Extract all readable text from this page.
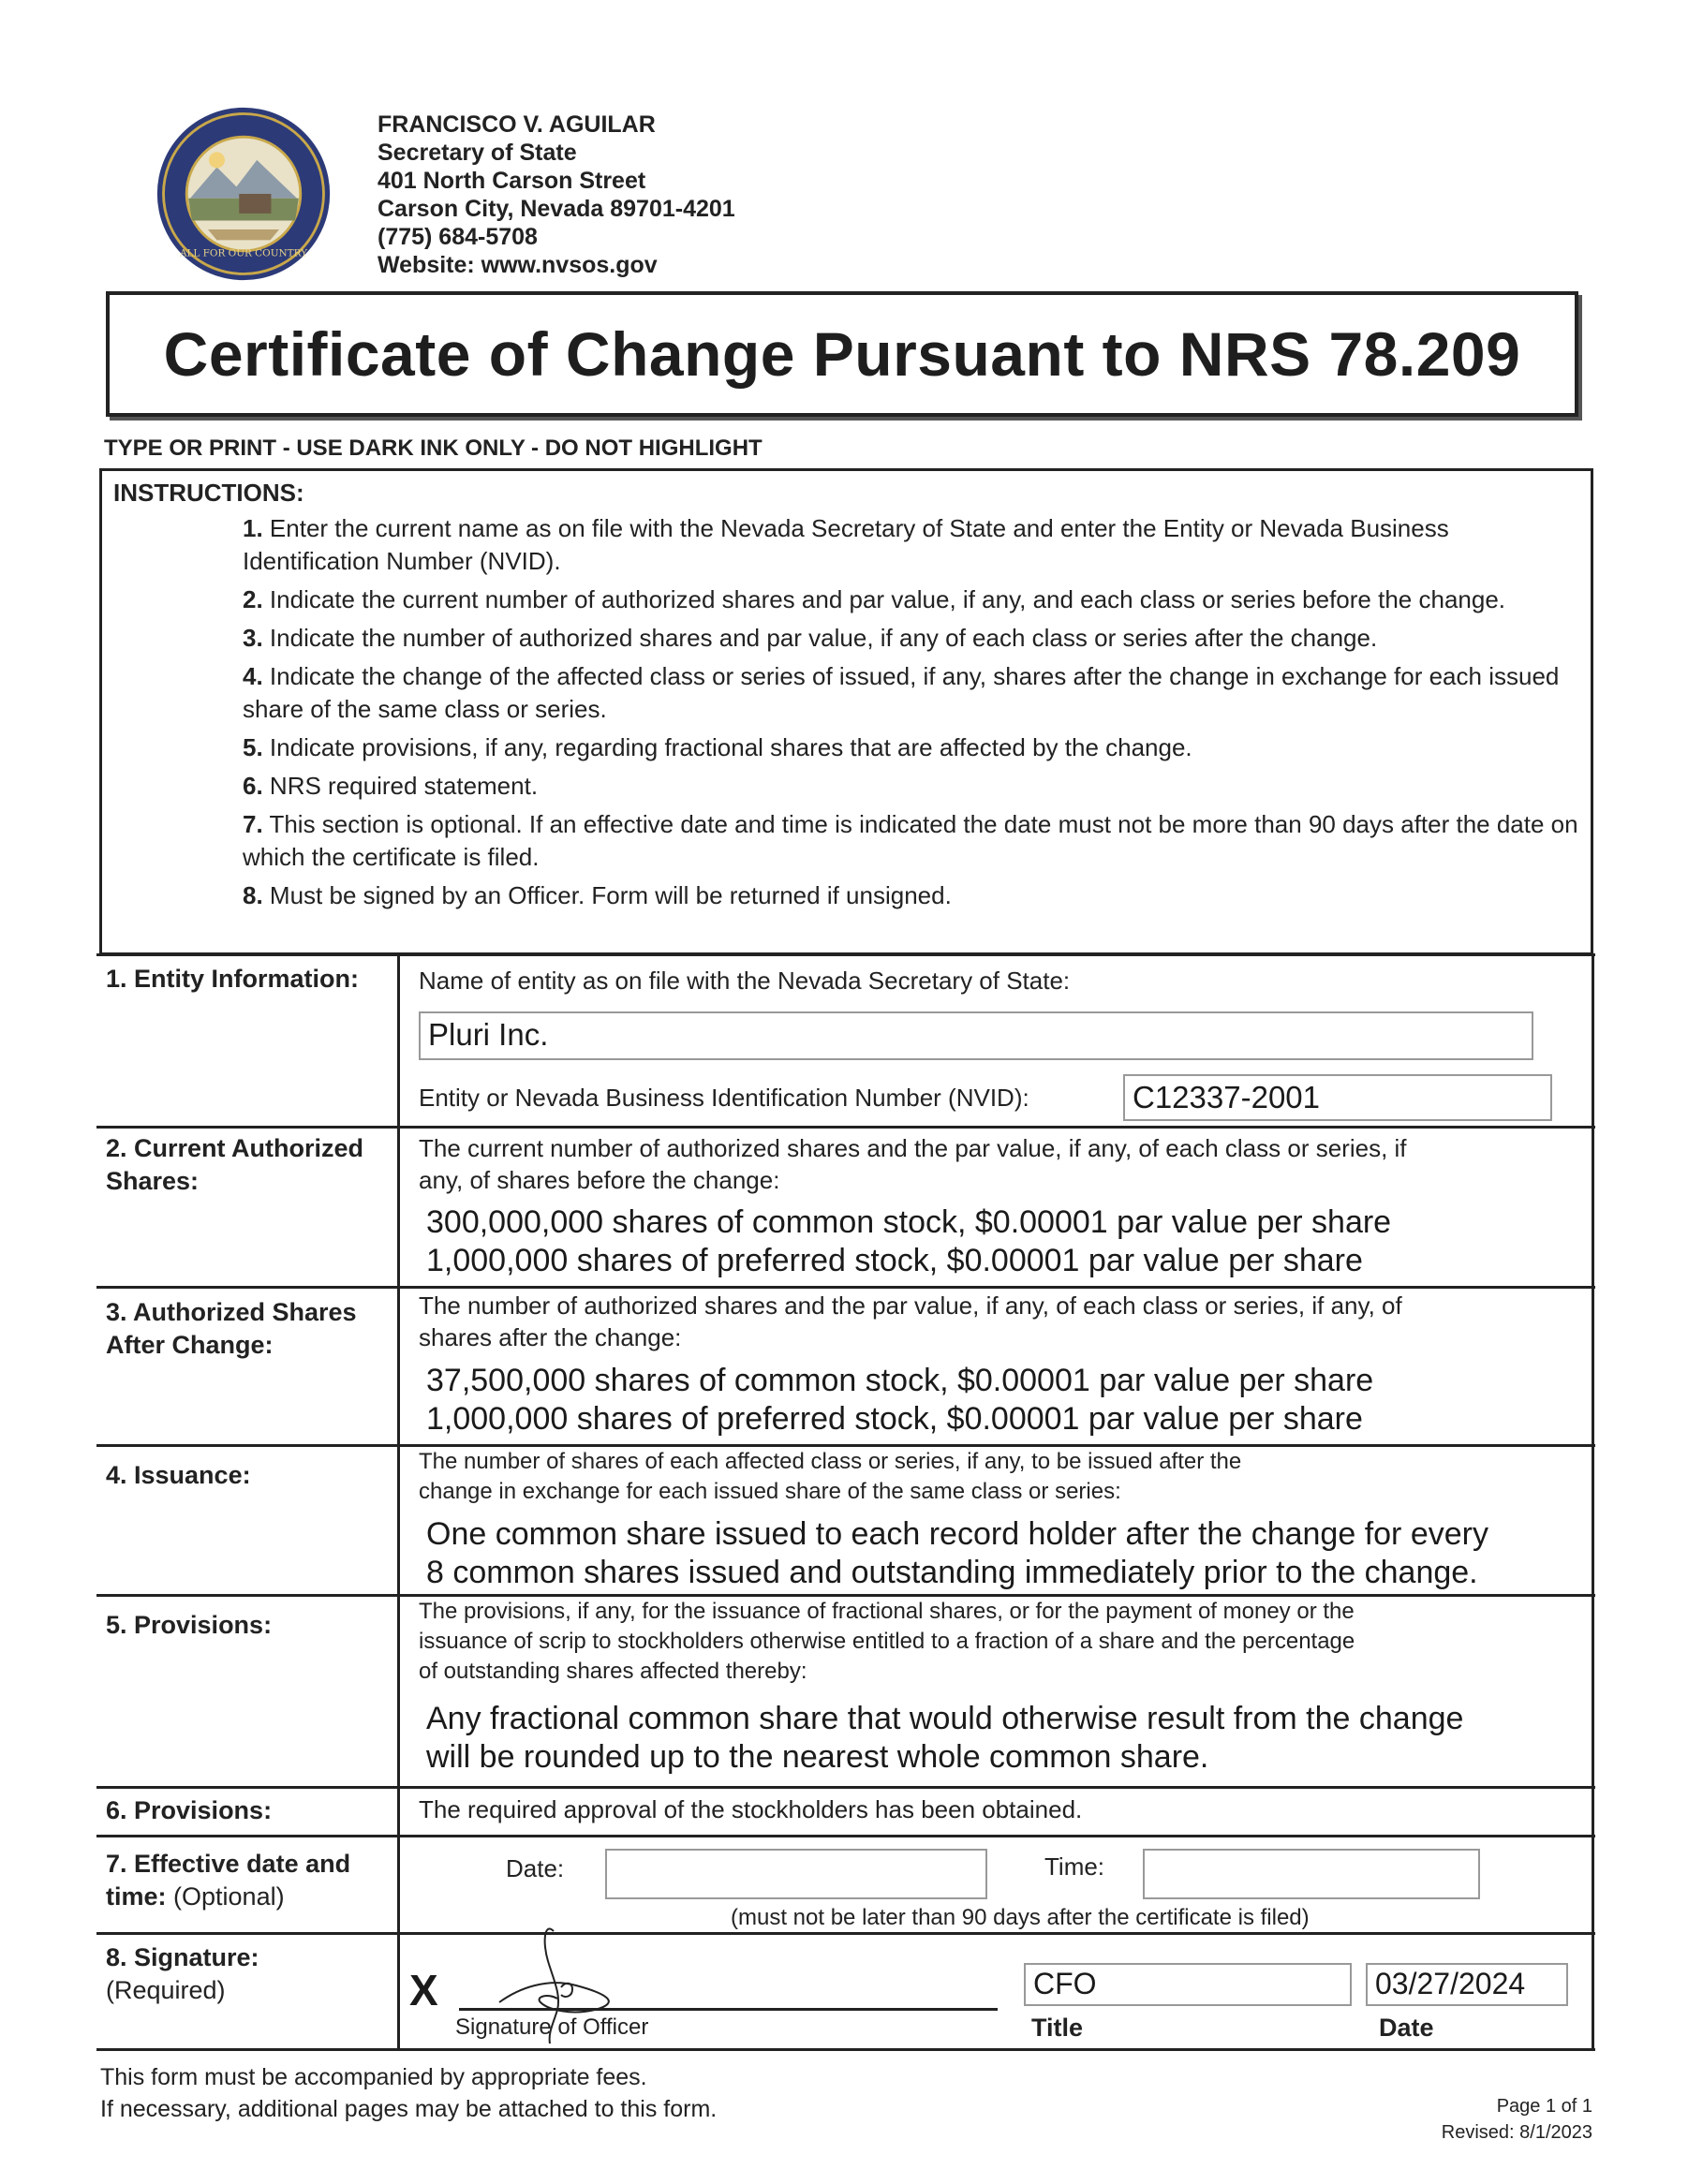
ALL FOR OUR COUNTRY
FRANCISCO V. AGUILAR
Secretary of State
401 North Carson Street
Carson City, Nevada 89701-4201
(775) 684-5708
Website: www.nvsos.gov
Certificate of Change Pursuant to NRS 78.209
TYPE OR PRINT - USE DARK INK ONLY - DO NOT HIGHLIGHT
INSTRUCTIONS:
1. Enter the current name as on file with the Nevada Secretary of State and enter the Entity or Nevada Business Identification Number (NVID).
2. Indicate the current number of authorized shares and par value, if any, and each class or series before the change.
3. Indicate the number of authorized shares and par value, if any of each class or series after the change.
4. Indicate the change of the affected class or series of issued, if any, shares after the change in exchange for each issued share of the same class or series.
5. Indicate provisions, if any, regarding fractional shares that are affected by the change.
6. NRS required statement.
7. This section is optional. If an effective date and time is indicated the date must not be more than 90 days after the date on which the certificate is filed.
8. Must be signed by an Officer. Form will be returned if unsigned.
1. Entity Information: Name of entity as on file with the Nevada Secretary of State:
Pluri Inc.
Entity or Nevada Business Identification Number (NVID):	C12337-2001
2. Current Authorized
Shares:
The current number of authorized shares and the par value, if any, of each class or series, if
any, of shares before the change:
300,000,000 shares of common stock, $0.00001 par value per share
1,000,000 shares of preferred stock, $0.00001 par value per share
3. Authorized Shares
After Change:
The number of authorized shares and the par value, if any, of each class or series, if any, of
shares after the change:
37,500,000 shares of common stock, $0.00001 par value per share
1,000,000 shares of preferred stock, $0.00001 par value per share
4. Issuance:	The number of shares of each affected class or series, if any, to be issued after the
change in exchange for each issued share of the same class or series:
One common share issued to each record holder after the change for every
8 common shares issued and outstanding immediately prior to the change.
5. Provisions:	The provisions, if any, for the issuance of fractional shares, or for the payment of money or the
issuance of scrip to stockholders otherwise entitled to a fraction of a share and the percentage
of outstanding shares affected thereby:
Any fractional common share that would otherwise result from the change
will be rounded up to the nearest whole common share.
6. Provisions:	The required approval of the stockholders has been obtained.
7. Effective date and
time: (Optional)
Date:	Time:
(must not be later than 90 days after the certificate is filed)
8. Signature:
(Required)	X
Signature of Officer
CFO
Title
03/27/2024
Date
This form must be accompanied by appropriate fees.
If necessary, additional pages may be attached to this form.	Page 1 of 1
Revised: 8/1/2023
